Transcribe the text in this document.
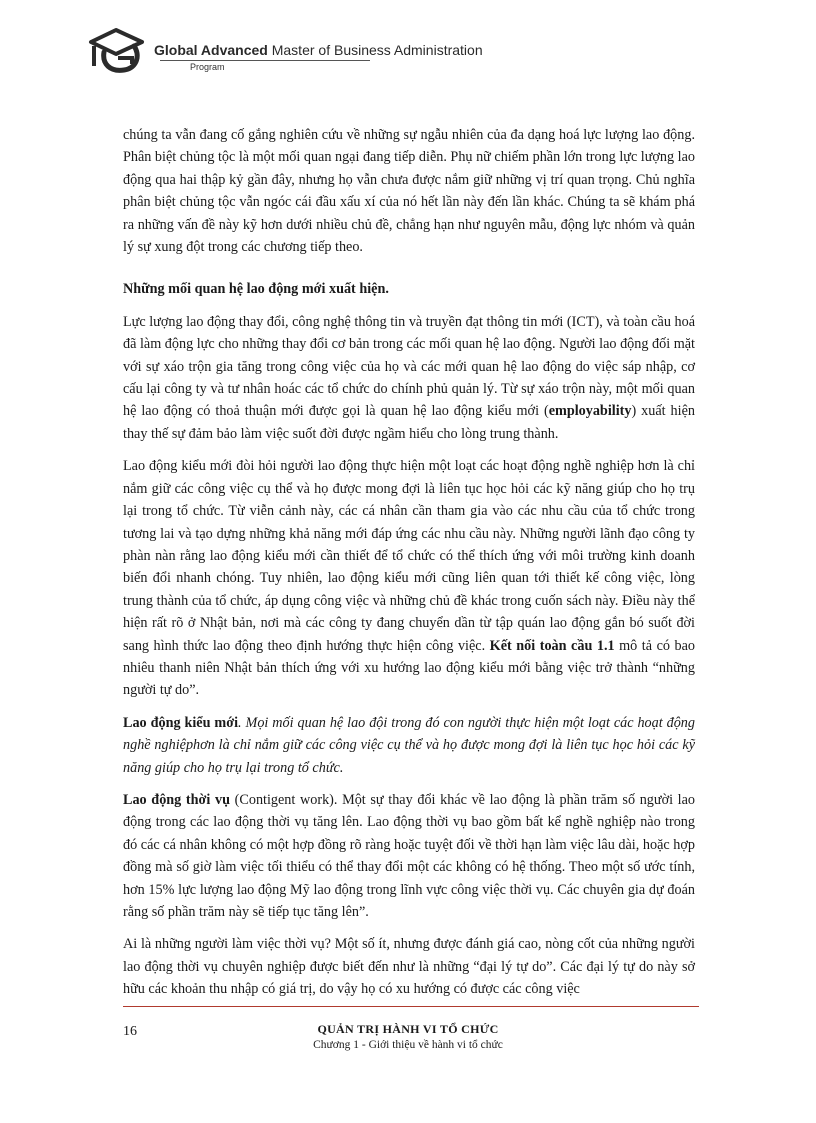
Global Advanced Master of Business Administration
Program

chúng ta vẫn đang cố gắng nghiên cứu về những sự ngẫu nhiên của đa dạng hoá lực lượng lao động. Phân biệt chủng tộc là một mối quan ngại đang tiếp diễn. Phụ nữ chiếm phần lớn trong lực lượng lao động qua hai thập kỷ gần đây, nhưng họ vẫn chưa được nắm giữ những vị trí quan trọng. Chủ nghĩa phân biệt chủng tộc vẫn ngóc cái đầu xấu xí của nó hết lần này đến lần khác. Chúng ta sẽ khám phá ra những vấn đề này kỹ hơn dưới nhiều chủ đề, chẳng hạn như nguyên mẫu, động lực nhóm và quản lý sự xung đột trong các chương tiếp theo.

Những mối quan hệ lao động mới xuất hiện.

Lực lượng lao động thay đổi, công nghệ thông tin và truyền đạt thông tin mới (ICT), và toàn cầu hoá đã làm động lực cho những thay đổi cơ bản trong các mối quan hệ lao động. Người lao động đối mặt với sự xáo trộn gia tăng trong công việc của họ và các mới quan hệ lao động do việc sáp nhập, cơ cấu lại công ty và tư nhân hoác các tổ chức do chính phủ quản lý. Từ sự xáo trộn này, một mối quan hệ lao động có thoả thuận mới được gọi là quan hệ lao động kiểu mới (employability) xuất hiện thay thế sự đảm bảo làm việc suốt đời được ngầm hiểu cho lòng trung thành.

Lao động kiểu mới đòi hỏi người lao động thực hiện một loạt các hoạt động nghề nghiệp hơn là chỉ nắm giữ các công việc cụ thể và họ được mong đợi là liên tục học hỏi các kỹ năng giúp cho họ trụ lại trong tổ chức. Từ viễn cảnh này, các cá nhân cần tham gia vào các nhu cầu của tổ chức trong tương lai và tạo dựng những khả năng mới đáp ứng các nhu cầu này. Những người lãnh đạo công ty phàn nàn rằng lao động kiểu mới cần thiết để tổ chức có thể thích ứng với môi trường kinh doanh biến đổi nhanh chóng. Tuy nhiên, lao động kiểu mới cũng liên quan tới thiết kế công việc, lòng trung thành của tổ chức, áp dụng công việc và những chủ đề khác trong cuốn sách này. Điều này thể hiện rất rõ ở Nhật bản, nơi mà các công ty đang chuyển dần từ tập quán lao động gắn bó suốt đời sang hình thức lao động theo định hướng thực hiện công việc. Kết nối toàn cầu 1.1 mô tả có bao nhiêu thanh niên Nhật bản thích ứng với xu hướng lao động kiểu mới bằng việc trở thành “những người tự do”.

Lao động kiểu mới. Mọi mối quan hệ lao đội trong đó con người thực hiện một loạt các hoạt động nghề nghiệphơn là chỉ nắm giữ các công việc cụ thể và họ được mong đợi là liên tục học hỏi các kỹ năng giúp cho họ trụ lại trong tổ chức.

Lao động thời vụ (Contigent work). Một sự thay đổi khác về lao động là phần trăm số người lao động trong các lao động thời vụ tăng lên. Lao động thời vụ bao gồm bất kể nghề nghiệp nào trong đó các cá nhân không có một hợp đồng rõ ràng hoặc tuyệt đối về thời hạn làm việc lâu dài, hoặc hợp đồng mà số giờ làm việc tối thiểu có thể thay đổi một các không có hệ thống. Theo một số ước tính, hơn 15% lực lượng lao động Mỹ lao động trong lĩnh vực công việc thời vụ. Các chuyên gia dự đoán rằng số phần trăm này sẽ tiếp tục tăng lên”.

Ai là những người làm việc thời vụ? Một số ít, nhưng được đánh giá cao, nòng cốt của những người lao động thời vụ chuyên nghiệp được biết đến như là những “đại lý tự do”. Các đại lý tự do này sở hữu các khoản thu nhập có giá trị, do vậy họ có xu hướng có được các công việc

16	QUẢN TRỊ HÀNH VI TỔ CHỨC
Chương 1 - Giới thiệu về hành vi tổ chức
